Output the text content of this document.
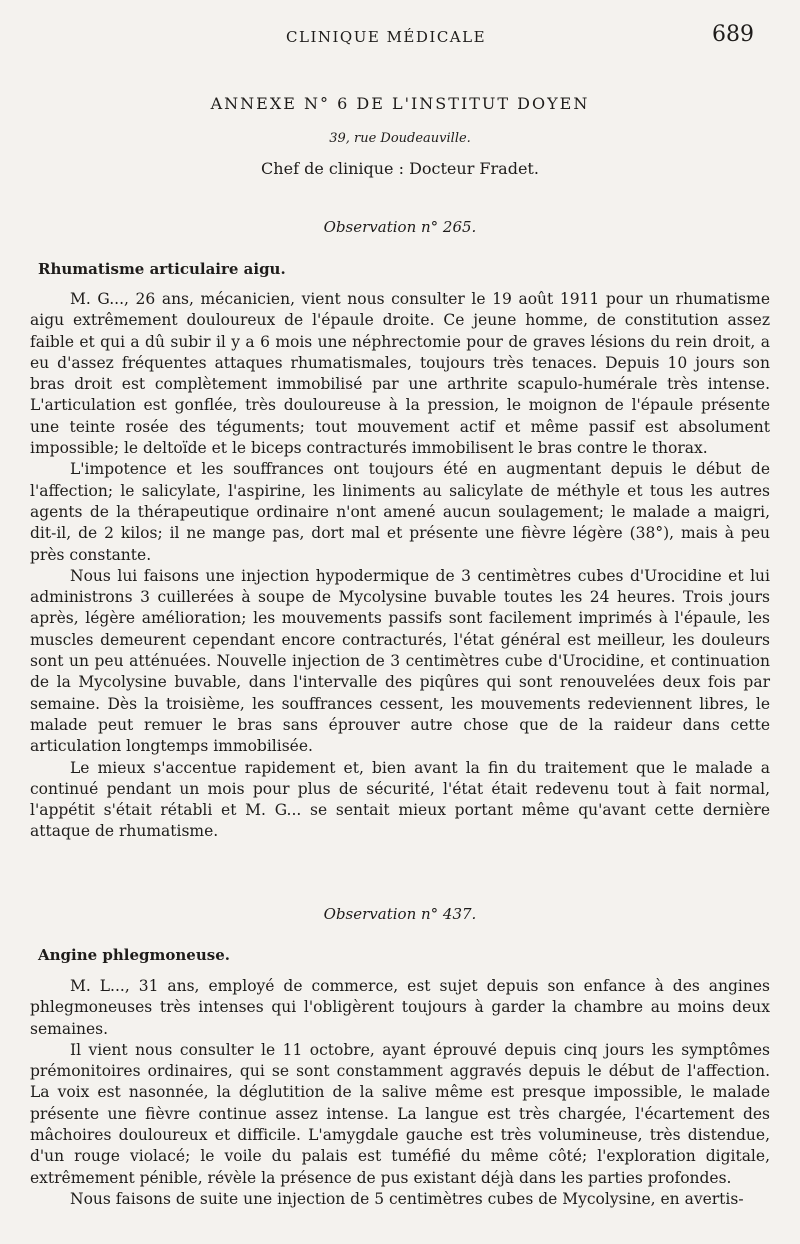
CLINIQUE MÉDICALE	689
ANNEXE N° 6 DE L'INSTITUT DOYEN
39, rue Doudeauville.
Chef de clinique : Docteur Fradet.
Observation n° 265.
Rhumatisme articulaire aigu.

M. G..., 26 ans, mécanicien, vient nous consulter le 19 août 1911 pour un rhumatisme aigu extrêmement douloureux de l'épaule droite. Ce jeune homme, de constitution assez faible et qui a dû subir il y a 6 mois une néphrectomie pour de graves lésions du rein droit, a eu d'assez fréquentes attaques rhumatismales, toujours très tenaces. Depuis 10 jours son bras droit est complètement immobilisé par une arthrite scapulo-humérale très intense. L'articulation est gonflée, très douloureuse à la pression, le moignon de l'épaule présente une teinte rosée des téguments; tout mouvement actif et même passif est absolument impossible; le deltoïde et le biceps contracturés immobilisent le bras contre le thorax.

L'impotence et les souffrances ont toujours été en augmentant depuis le début de l'affection; le salicylate, l'aspirine, les liniments au salicylate de méthyle et tous les autres agents de la thérapeutique ordinaire n'ont amené aucun soulagement; le malade a maigri, dit-il, de 2 kilos; il ne mange pas, dort mal et présente une fièvre légère (38°), mais à peu près constante.

Nous lui faisons une injection hypodermique de 3 centimètres cubes d'Urocidine et lui administrons 3 cuillerées à soupe de Mycolysine buvable toutes les 24 heures. Trois jours après, légère amélioration; les mouvements passifs sont facilement imprimés à l'épaule, les muscles demeurent cependant encore contracturés, l'état général est meilleur, les douleurs sont un peu atténuées. Nouvelle injection de 3 centimètres cube d'Urocidine, et continuation de la Mycolysine buvable, dans l'intervalle des piqûres qui sont renouvelées deux fois par semaine. Dès la troisième, les souffrances cessent, les mouvements redeviennent libres, le malade peut remuer le bras sans éprouver autre chose que de la raideur dans cette articulation longtemps immobilisée.

Le mieux s'accentue rapidement et, bien avant la fin du traitement que le malade a continué pendant un mois pour plus de sécurité, l'état était redevenu tout à fait normal, l'appétit s'était rétabli et M. G... se sentait mieux portant même qu'avant cette dernière attaque de rhumatisme.

Observation n° 437.
Angine phlegmoneuse.

M. L..., 31 ans, employé de commerce, est sujet depuis son enfance à des angines phlegmoneuses très intenses qui l'obligèrent toujours à garder la chambre au moins deux semaines.

Il vient nous consulter le 11 octobre, ayant éprouvé depuis cinq jours les symptômes prémonitoires ordinaires, qui se sont constamment aggravés depuis le début de l'affection. La voix est nasonnée, la déglutition de la salive même est presque impossible, le malade présente une fièvre continue assez intense. La langue est très chargée, l'écartement des mâchoires douloureux et difficile. L'amygdale gauche est très volumineuse, très distendue, d'un rouge violacé; le voile du palais est tuméfié du même côté; l'exploration digitale, extrêmement pénible, révèle la présence de pus existant déjà dans les parties profondes.

Nous faisons de suite une injection de 5 centimètres cubes de Mycolysine, en avertis-
